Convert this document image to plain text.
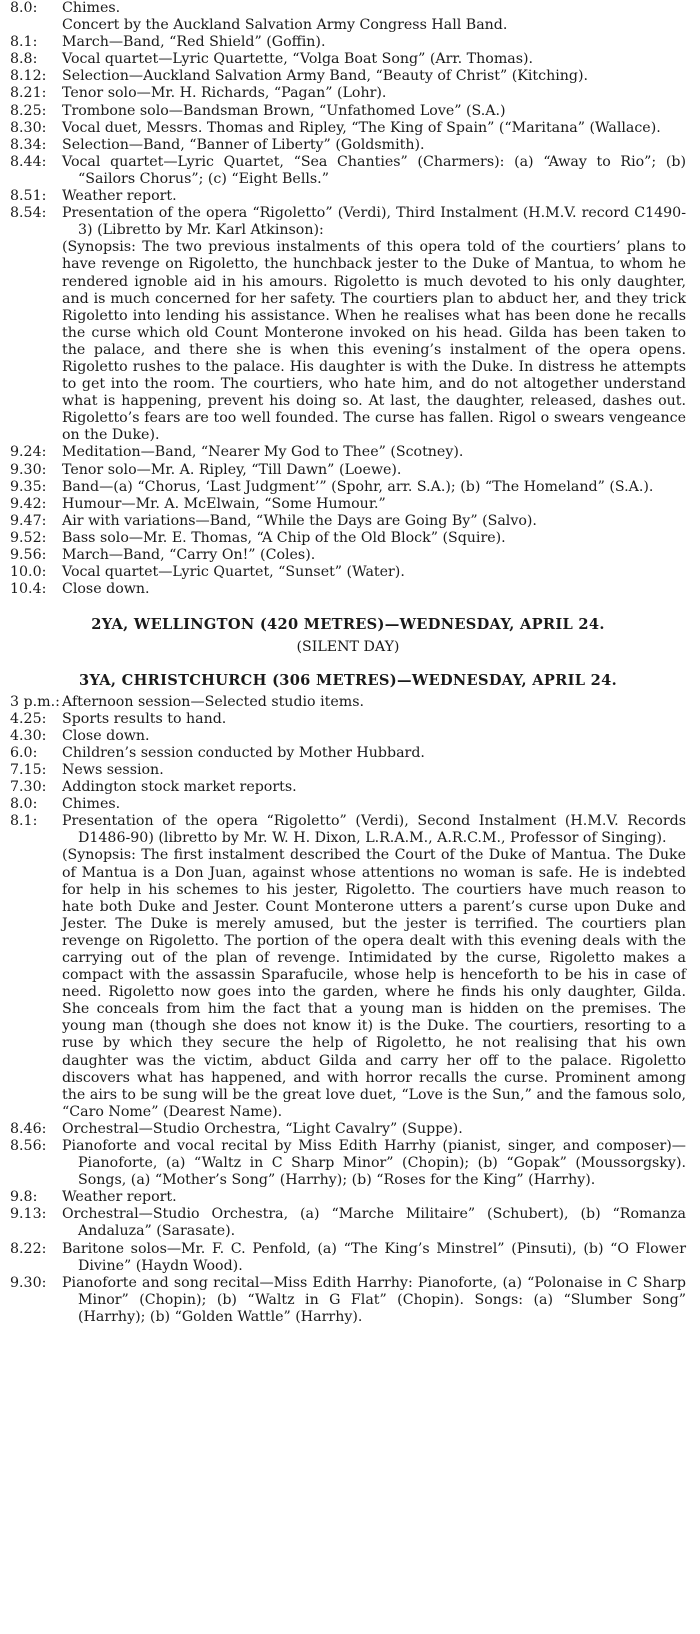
8.0:	Chimes.
Concert by the Auckland Salvation Army Congress Hall Band.
8.1:	March—Band, “Red Shield” (Goffin).
8.8:	Vocal quartet—Lyric Quartette, “Volga Boat Song” (Arr. Thomas).
8.12:	Selection—Auckland Salvation Army Band, “Beauty of Christ” (Kitching).
8.21:	Tenor solo—Mr. H. Richards, “Pagan” (Lohr).
8.25:	Trombone solo—Bandsman Brown, “Unfathomed Love” (S.A.)
8.30:	Vocal duet, Messrs. Thomas and Ripley, “The King of Spain” (“Maritana” (Wallace).
8.34:	Selection—Band, “Banner of Liberty” (Goldsmith).
8.44:	Vocal quartet—Lyric Quartet, “Sea Chanties” (Charmers): (a) “Away to Rio”; (b) “Sailors Chorus”; (c) “Eight Bells.”
8.51:	Weather report.
8.54:	Presentation of the opera “Rigoletto” (Verdi), Third Instalment (H.M.V. record C1490-3) (Libretto by Mr. Karl Atkinson):
(Synopsis: The two previous instalments of this opera told of the courtiers’ plans to have revenge on Rigoletto, the hunchback jester to the Duke of Mantua, to whom he rendered ignoble aid in his amours. Rigoletto is much devoted to his only daughter, and is much concerned for her safety. The courtiers plan to abduct her, and they trick Rigoletto into lending his assistance. When he realises what has been done he recalls the curse which old Count Monterone invoked on his head. Gilda has been taken to the palace, and there she is when this evening’s instalment of the opera opens. Rigoletto rushes to the palace. His daughter is with the Duke. In distress he attempts to get into the room. The courtiers, who hate him, and do not altogether understand what is happening, prevent his doing so. At last, the daughter, released, dashes out. Rigoletto’s fears are too well founded. The curse has fallen. Rigol o swears vengeance on the Duke).
9.24:	Meditation—Band, “Nearer My God to Thee” (Scotney).
9.30:	Tenor solo—Mr. A. Ripley, “Till Dawn” (Loewe).
9.35:	Band—(a) “Chorus, ‘Last Judgment’” (Spohr, arr. S.A.); (b) “The Homeland” (S.A.).
9.42:	Humour—Mr. A. McElwain, “Some Humour.”
9.47:	Air with variations—Band, “While the Days are Going By” (Salvo).
9.52:	Bass solo—Mr. E. Thomas, “A Chip of the Old Block” (Squire).
9.56:	March—Band, “Carry On!” (Coles).
10.0:	Vocal quartet—Lyric Quartet, “Sunset” (Water).
10.4:	Close down.
2YA, WELLINGTON (420 METRES)—WEDNESDAY, APRIL 24.
(SILENT DAY)
3YA, CHRISTCHURCH (306 METRES)—WEDNESDAY, APRIL 24.
3 p.m.: Afternoon session—Selected studio items.
4.25:	Sports results to hand.
4.30:	Close down.
6.0:	Children’s session conducted by Mother Hubbard.
7.15:	News session.
7.30:	Addington stock market reports.
8.0:	Chimes.
8.1:	Presentation of the opera “Rigoletto” (Verdi), Second Instalment (H.M.V. Records D1486-90) (libretto by Mr. W. H. Dixon, L.R.A.M., A.R.C.M., Professor of Singing).
(Synopsis: The first instalment described the Court of the Duke of Mantua. The Duke of Mantua is a Don Juan, against whose attentions no woman is safe. He is indebted for help in his schemes to his jester, Rigoletto. The courtiers have much reason to hate both Duke and Jester. Count Monterone utters a parent’s curse upon Duke and Jester. The Duke is merely amused, but the jester is terrified. The courtiers plan revenge on Rigoletto. The portion of the opera dealt with this evening deals with the carrying out of the plan of revenge. Intimidated by the curse, Rigoletto makes a compact with the assassin Sparafucile, whose help is henceforth to be his in case of need. Rigoletto now goes into the garden, where he finds his only daughter, Gilda. She conceals from him the fact that a young man is hidden on the premises. The young man (though she does not know it) is the Duke. The courtiers, resorting to a ruse by which they secure the help of Rigoletto, he not realising that his own daughter was the victim, abduct Gilda and carry her off to the palace. Rigoletto discovers what has happened, and with horror recalls the curse. Prominent among the airs to be sung will be the great love duet, “Love is the Sun,” and the famous solo, “Caro Nome” (Dearest Name).
8.46:	Orchestral—Studio Orchestra, “Light Cavalry” (Suppe).
8.56:	Pianoforte and vocal recital by Miss Edith Harrhy (pianist, singer, and composer)—Pianoforte, (a) “Waltz in C Sharp Minor” (Chopin); (b) “Gopak” (Moussorgsky). Songs, (a) “Mother’s Song” (Harrhy); (b) “Roses for the King” (Harrhy).
9.8:	Weather report.
9.13:	Orchestral—Studio Orchestra, (a) “Marche Militaire” (Schubert), (b) “Romanza Andaluza” (Sarasate).
8.22:	Baritone solos—Mr. F. C. Penfold, (a) “The King’s Minstrel” (Pinsuti), (b) “O Flower Divine” (Haydn Wood).
9.30:	Pianoforte and song recital—Miss Edith Harrhy: Pianoforte, (a) “Polonaise in C Sharp Minor” (Chopin); (b) “Waltz in G Flat” (Chopin). Songs: (a) “Slumber Song” (Harrhy); (b) “Golden Wattle” (Harrhy).
